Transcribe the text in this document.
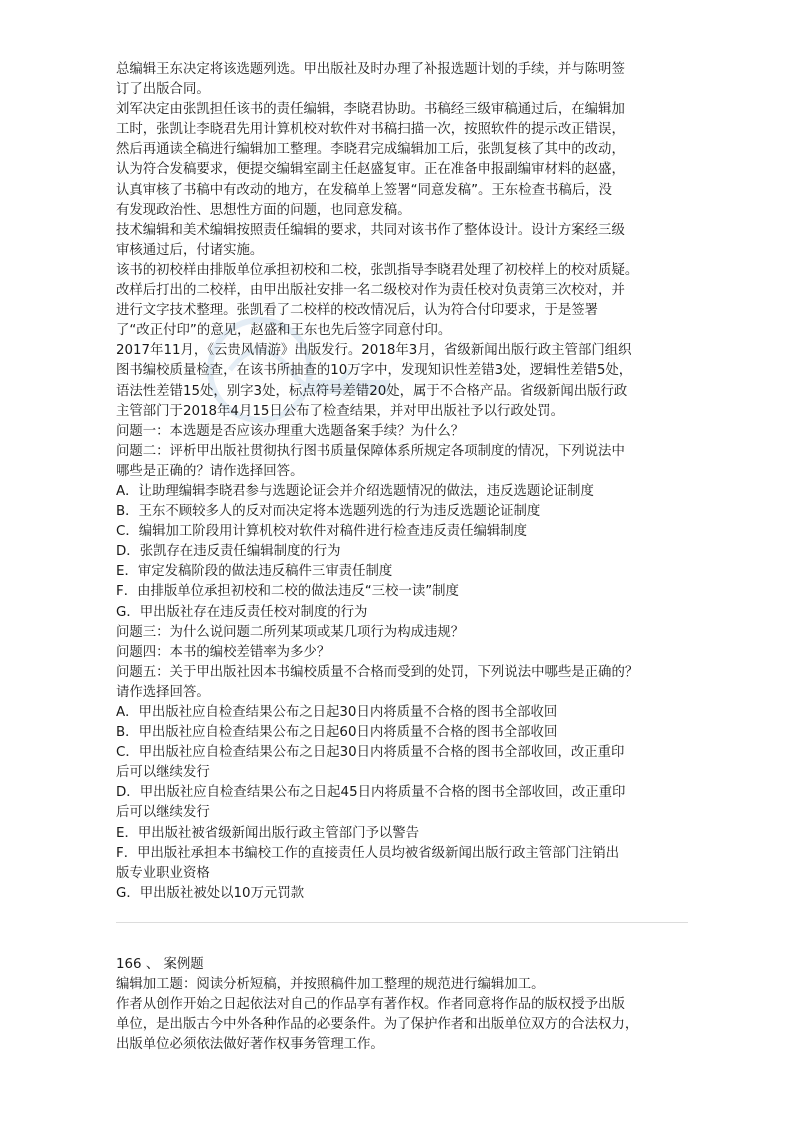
总编辑王东决定将该选题列选。甲出版社及时办理了补报选题计划的手续，并与陈明签
订了出版合同。
刘军决定由张凯担任该书的责任编辑，李晓君协助。书稿经三级审稿通过后，在编辑加
工时，张凯让李晓君先用计算机校对软件对书稿扫描一次，按照软件的提示改正错误，
然后再通读全稿进行编辑加工整理。李晓君完成编辑加工后，张凯复核了其中的改动，
认为符合发稿要求，便提交编辑室副主任赵盛复审。正在准备申报副编审材料的赵盛，
认真审核了书稿中有改动的地方，在发稿单上签署“同意发稿”。王东检查书稿后，没
有发现政治性、思想性方面的问题，也同意发稿。
技术编辑和美术编辑按照责任编辑的要求，共同对该书作了整体设计。设计方案经三级
审核通过后，付诸实施。
该书的初校样由排版单位承担初校和二校，张凯指导李晓君处理了初校样上的校对质疑。
改样后打出的二校样，由甲出版社安排一名二级校对作为责任校对负责第三次校对，并
进行文字技术整理。张凯看了二校样的校改情况后，认为符合付印要求，于是签署
了“改正付印”的意见，赵盛和王东也先后签字同意付印。
2017年11月，《云贵风情游》出版发行。2018年3月，省级新闻出版行政主管部门组织
图书编校质量检查，在该书所抽查的10万字中，发现知识性差错3处，逻辑性差错5处，
语法性差错15处，别字3处，标点符号差错20处，属于不合格产品。省级新闻出版行政
主管部门于2018年4月15日公布了检查结果，并对甲出版社予以行政处罚。
问题一：本选题是否应该办理重大选题备案手续？为什么？
问题二：评析甲出版社贯彻执行图书质量保障体系所规定各项制度的情况，下列说法中
哪些是正确的？请作选择回答。
A．让助理编辑李晓君参与选题论证会并介绍选题情况的做法，违反选题论证制度
B．王东不顾较多人的反对而决定将本选题列选的行为违反选题论证制度
C．编辑加工阶段用计算机校对软件对稿件进行检查违反责任编辑制度
D．张凯存在违反责任编辑制度的行为
E．审定发稿阶段的做法违反稿件三审责任制度
F．由排版单位承担初校和二校的做法违反“三校一读”制度
G．甲出版社存在违反责任校对制度的行为
问题三：为什么说问题二所列某项或某几项行为构成违规？
问题四：本书的编校差错率为多少？
问题五：关于甲出版社因本书编校质量不合格而受到的处罚，下列说法中哪些是正确的？
请作选择回答。
A．甲出版社应自检查结果公布之日起30日内将质量不合格的图书全部收回
B．甲出版社应自检查结果公布之日起60日内将质量不合格的图书全部收回
C．甲出版社应自检查结果公布之日起30日内将质量不合格的图书全部收回，改正重印
后可以继续发行
D．甲出版社应自检查结果公布之日起45日内将质量不合格的图书全部收回，改正重印
后可以继续发行
E．甲出版社被省级新闻出版行政主管部门予以警告
F．甲出版社承担本书编校工作的直接责任人员均被省级新闻出版行政主管部门注销出
版专业职业资格
G．甲出版社被处以10万元罚款
166 、 案例题
编辑加工题：阅读分析短稿，并按照稿件加工整理的规范进行编辑加工。
作者从创作开始之日起依法对自己的作品享有著作权。作者同意将作品的版权授予出版
单位，是出版古今中外各种作品的必要条件。为了保护作者和出版单位双方的合法权力，
出版单位必须依法做好著作权事务管理工作。
